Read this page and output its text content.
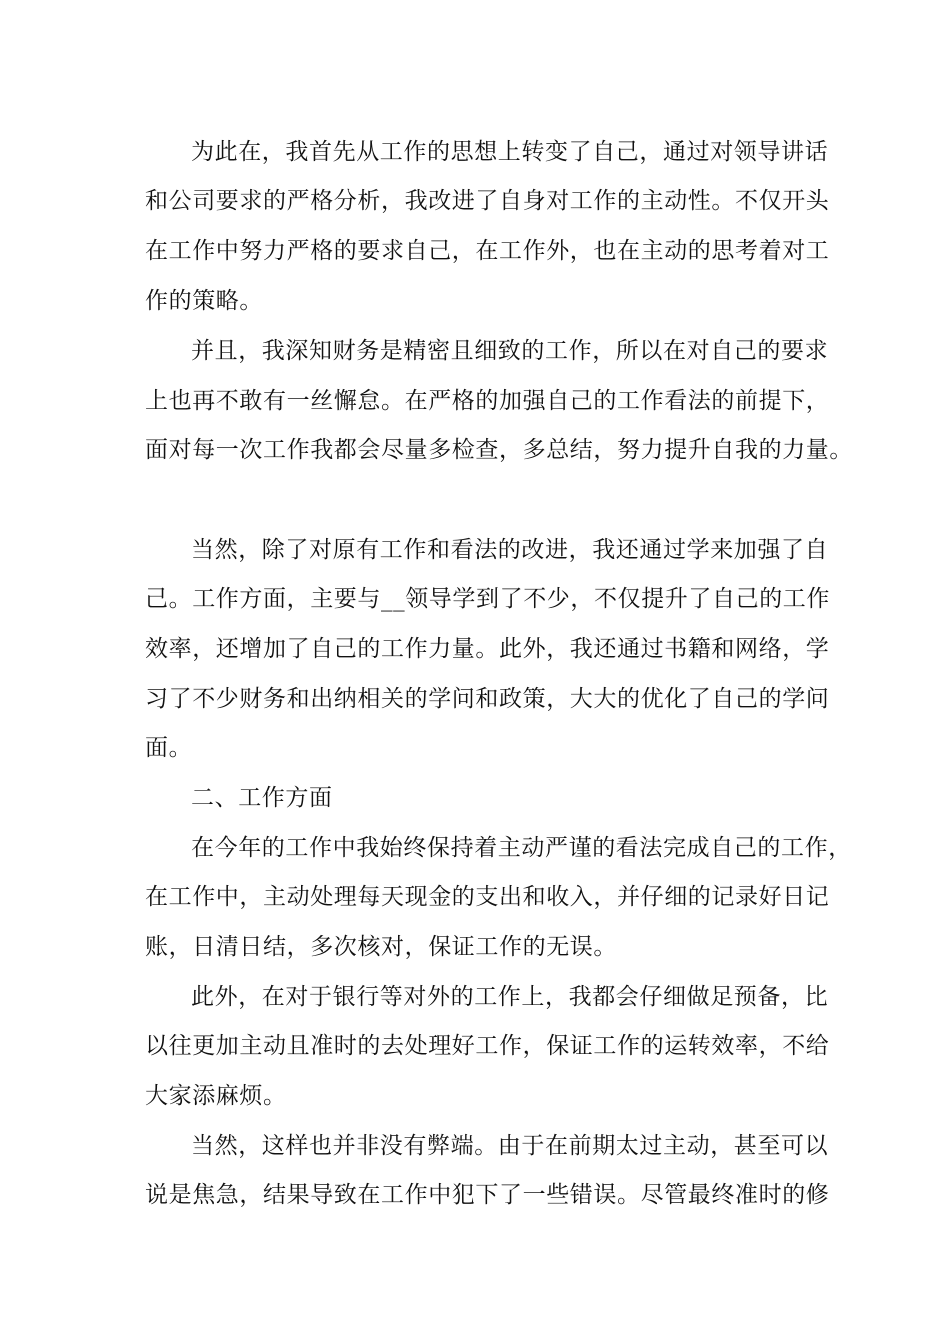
为此在，我首先从工作的思想上转变了自己，通过对领导讲话
和公司要求的严格分析，我改进了自身对工作的主动性。不仅开头
在工作中努力严格的要求自己，在工作外，也在主动的思考着对工
作的策略。
并且，我深知财务是精密且细致的工作，所以在对自己的要求
上也再不敢有一丝懈怠。在严格的加强自己的工作看法的前提下，
面对每一次工作我都会尽量多检查，多总结，努力提升自我的力量。
当然，除了对原有工作和看法的改进，我还通过学来加强了自
己。工作方面，主要与__领导学到了不少，不仅提升了自己的工作
效率，还增加了自己的工作力量。此外，我还通过书籍和网络，学
习了不少财务和出纳相关的学问和政策，大大的优化了自己的学问
面。
二、工作方面
在今年的工作中我始终保持着主动严谨的看法完成自己的工作，
在工作中，主动处理每天现金的支出和收入，并仔细的记录好日记
账，日清日结，多次核对，保证工作的无误。
此外，在对于银行等对外的工作上，我都会仔细做足预备，比
以往更加主动且准时的去处理好工作，保证工作的运转效率，不给
大家添麻烦。
当然，这样也并非没有弊端。由于在前期太过主动，甚至可以
说是焦急，结果导致在工作中犯下了一些错误。尽管最终准时的修
